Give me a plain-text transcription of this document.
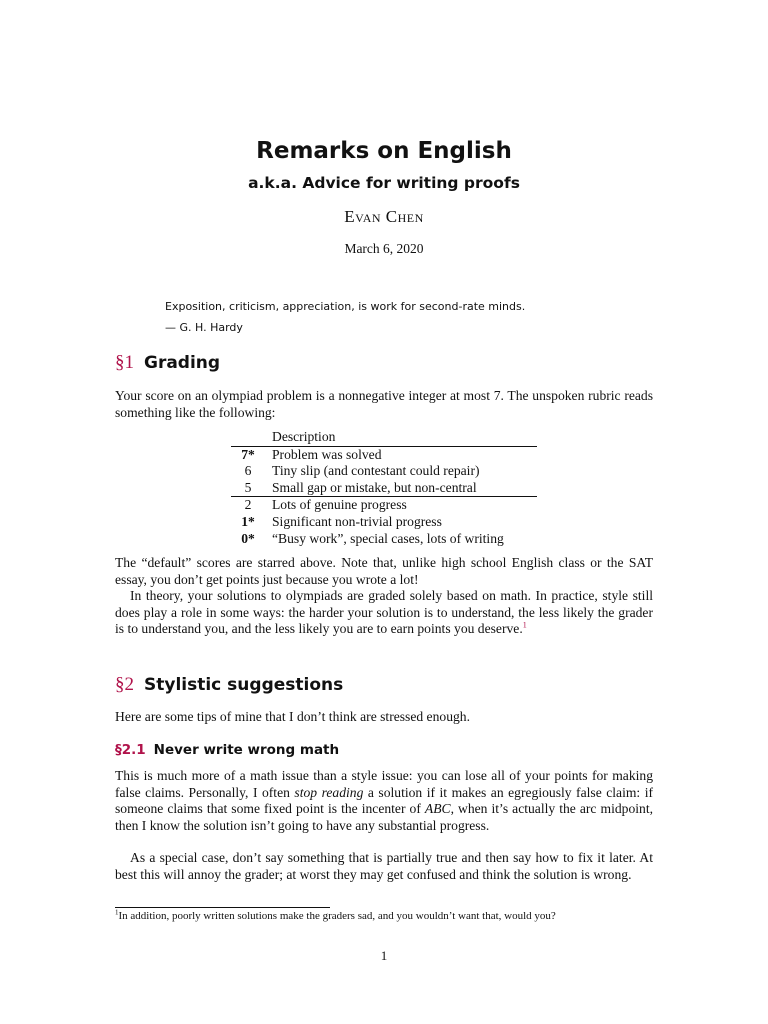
Remarks on English
a.k.a. Advice for writing proofs
Evan Chen
March 6, 2020
Exposition, criticism, appreciation, is work for second-rate minds.
— G. H. Hardy
§1 Grading
Your score on an olympiad problem is a nonnegative integer at most 7. The unspoken rubric reads something like the following:
	Description
7*	Problem was solved
6	Tiny slip (and contestant could repair)
5	Small gap or mistake, but non-central
2	Lots of genuine progress
1*	Significant non-trivial progress
0*	“Busy work”, special cases, lots of writing
The “default” scores are starred above. Note that, unlike high school English class or the SAT essay, you don’t get points just because you wrote a lot!
In theory, your solutions to olympiads are graded solely based on math. In practice, style still does play a role in some ways: the harder your solution is to understand, the less likely the grader is to understand you, and the less likely you are to earn points you deserve.$^1$
§2 Stylistic suggestions
Here are some tips of mine that I don’t think are stressed enough.
§2.1 Never write wrong math
This is much more of a math issue than a style issue: you can lose all of your points for making false claims. Personally, I often stop reading a solution if it makes an egregiously false claim: if someone claims that some fixed point is the incenter of ABC, when it’s actually the arc midpoint, then I know the solution isn’t going to have any substantial progress.
As a special case, don’t say something that is partially true and then say how to fix it later. At best this will annoy the grader; at worst they may get confused and think the solution is wrong.
$^1$In addition, poorly written solutions make the graders sad, and you wouldn’t want that, would you?
1
